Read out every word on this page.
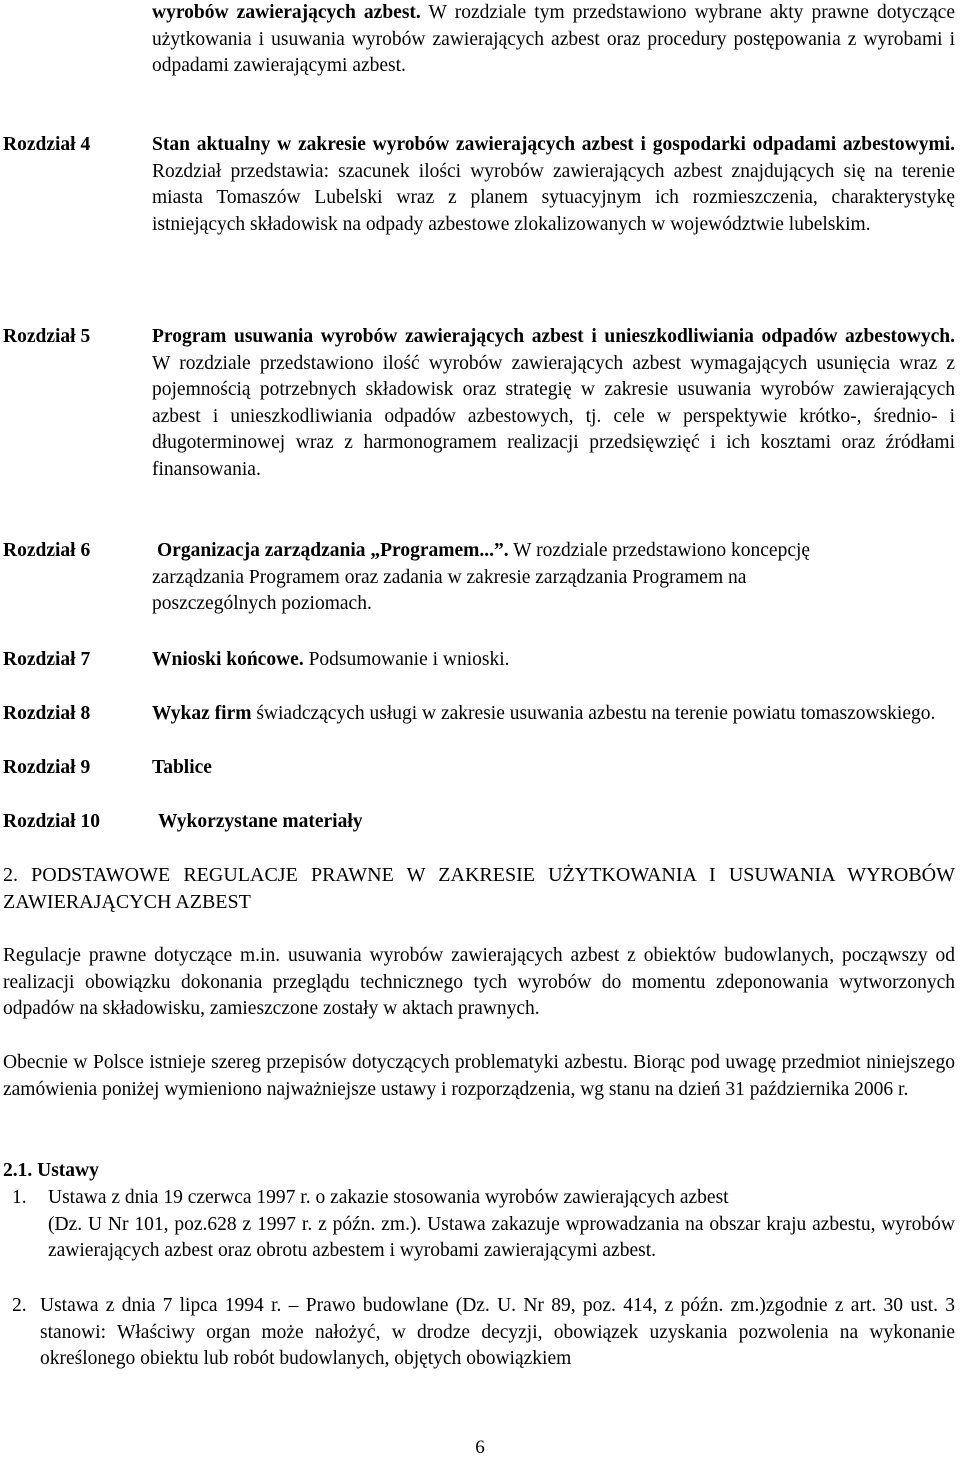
wyrobów zawierających azbest. W rozdziale tym przedstawiono wybrane akty prawne dotyczące użytkowania i usuwania wyrobów zawierających azbest oraz procedury postępowania z wyrobami i odpadami zawierającymi azbest.
Rozdział 4	Stan aktualny w zakresie wyrobów zawierających azbest i gospodarki odpadami azbestowymi. Rozdział przedstawia: szacunek ilości wyrobów zawierających azbest znajdujących się na terenie miasta Tomaszów Lubelski wraz z planem sytuacyjnym ich rozmieszczenia, charakterystykę istniejących składowisk na odpady azbestowe zlokalizowanych w województwie lubelskim.
Rozdział 5	Program usuwania wyrobów zawierających azbest i unieszkodliwiania odpadów azbestowych. W rozdziale przedstawiono ilość wyrobów zawierających azbest wymagających usunięcia wraz z pojemnością potrzebnych składowisk oraz strategię w zakresie usuwania wyrobów zawierających azbest i unieszkodliwiania odpadów azbestowych, tj. cele w perspektywie krótko-, średnio- i długoterminowej wraz z harmonogramem realizacji przedsięwzięć i ich kosztami oraz źródłami finansowania.
Rozdział 6	Organizacja zarządzania „Programem...”. W rozdziale przedstawiono koncepcję zarządzania Programem oraz zadania w zakresie zarządzania Programem na poszczególnych poziomach.
Rozdział 7	Wnioski końcowe. Podsumowanie i wnioski.
Rozdział 8	Wykaz firm świadczących usługi w zakresie usuwania azbestu na terenie powiatu tomaszowskiego.
Rozdział 9	Tablice
Rozdział 10	Wykorzystane materiały
2. PODSTAWOWE REGULACJE PRAWNE W ZAKRESIE UŻYTKOWANIA I USUWANIA WYROBÓW ZAWIERAJĄCYCH AZBEST
Regulacje prawne dotyczące m.in. usuwania wyrobów zawierających azbest z obiektów budowlanych, począwszy od realizacji obowiązku dokonania przeglądu technicznego tych wyrobów do momentu zdeponowania wytworzonych odpadów na składowisku, zamieszczone zostały w aktach prawnych.
Obecnie w Polsce istnieje szereg przepisów dotyczących problematyki azbestu. Biorąc pod uwagę przedmiot niniejszego zamówienia poniżej wymieniono najważniejsze ustawy i rozporządzenia, wg stanu na dzień 31 października 2006 r.
2.1. Ustawy
1. Ustawa z dnia 19 czerwca 1997 r. o zakazie stosowania wyrobów zawierających azbest
(Dz. U Nr 101, poz.628 z 1997 r. z późn. zm.). Ustawa zakazuje wprowadzania na obszar kraju azbestu, wyrobów zawierających azbest oraz obrotu azbestem i wyrobami zawierającymi azbest.
2. Ustawa z dnia 7 lipca 1994 r. – Prawo budowlane (Dz. U. Nr 89, poz. 414, z późn. zm.)zgodnie z art. 30 ust. 3 stanowi: Właściwy organ może nałożyć, w drodze decyzji, obowiązek uzyskania pozwolenia na wykonanie określonego obiektu lub robót budowlanych, objętych obowiązkiem
6
